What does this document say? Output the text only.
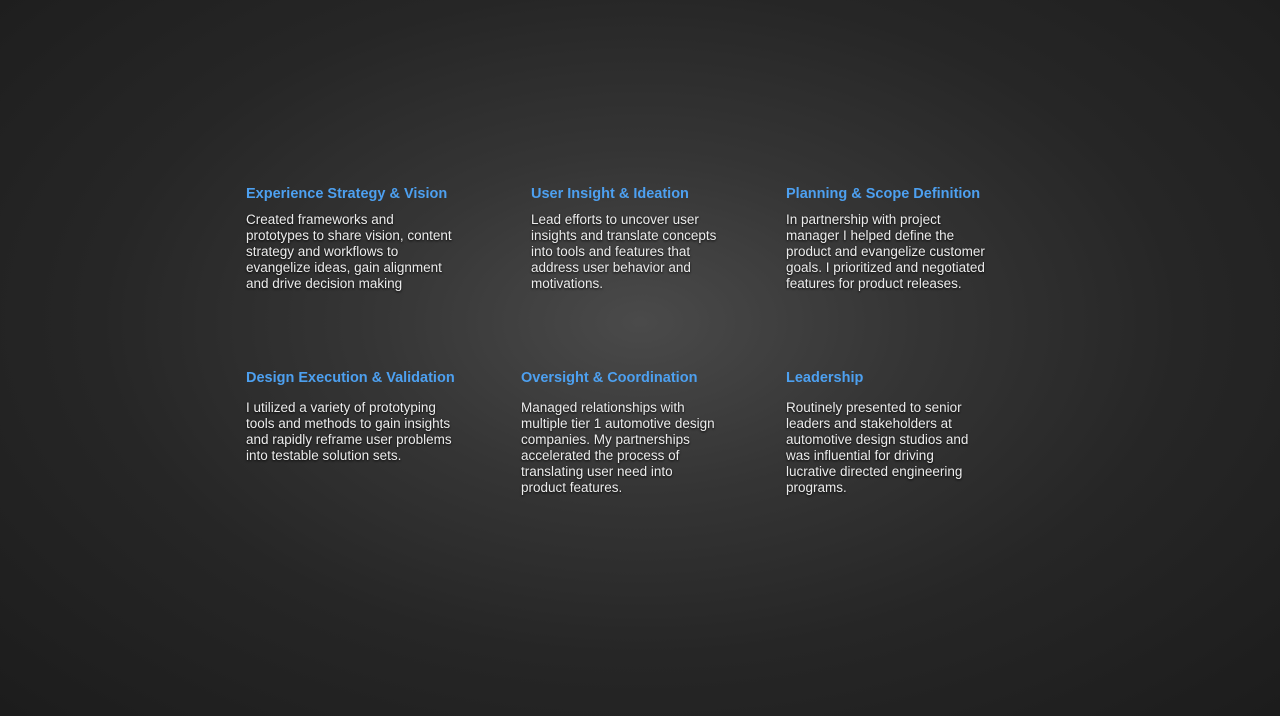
Experience Strategy & Vision

Created frameworks and prototypes to share vision, content strategy and workflows to evangelize ideas, gain alignment and drive decision making

User Insight & Ideation

Lead efforts to uncover user insights and translate concepts into tools and features that address user behavior and motivations.

Planning & Scope Definition

In partnership with project manager I helped define the product and evangelize customer goals. I prioritized and negotiated features for product releases.

Design Execution & Validation

I utilized a variety of prototyping tools and methods to gain insights and rapidly reframe user problems into testable solution sets.

Oversight & Coordination

Managed relationships with multiple tier 1 automotive design companies. My partnerships accelerated the process of translating user need into product features.

Leadership

Routinely presented to senior leaders and stakeholders at automotive design studios and was influential for driving lucrative directed engineering programs.
